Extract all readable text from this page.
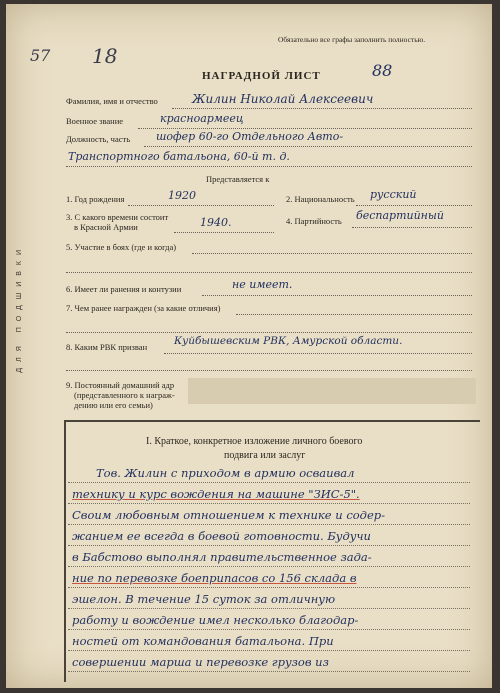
Обязательно все графы заполнить полностью.
57 18
88
НАГРАДНОЙ ЛИСТ
Фамилия, имя и отчество	Жилин Николай Алексеевич
Военное звание	красноармеец
Должность, часть шофер 60-го Отдельного Авто-
Транспортного батальона, 60-й т. д.
Представляется к
1. Год рождения	1920	2. Национальность русский
3. С какого времени состоит
в Красной Армии	1940.	4. Партийность беспартийный
5. Участие в боях (где и когда)
6. Имеет ли ранения и контузии	не имеет.
7. Чем ранее награжден (за какие отличия)
8. Каким РВК призван	Куйбышевским РВК, Амурской области.
9. Постоянный домашний адр
(представленного к награж-
дению или его семьи)
ДЛЯ ПОДШИВКИ
I. Краткое, конкретное изложение личного боевого
подвига или заслуг
Тов. Жилин с приходом в армию осваивал
технику и курс вождения на машине "ЗИС-5".
Своим любовным отношением к технике и содер-
жанием ее всегда в боевой готовности. Будучи
в Бабстово выполнял правительственное зада-
ние по перевозке боеприпасов со 156 склада в
эшелон. В течение 15 суток за отличную
работу и вождение имел несколько благодар-
ностей от командования батальона. При
совершении марша и перевозке грузов из
